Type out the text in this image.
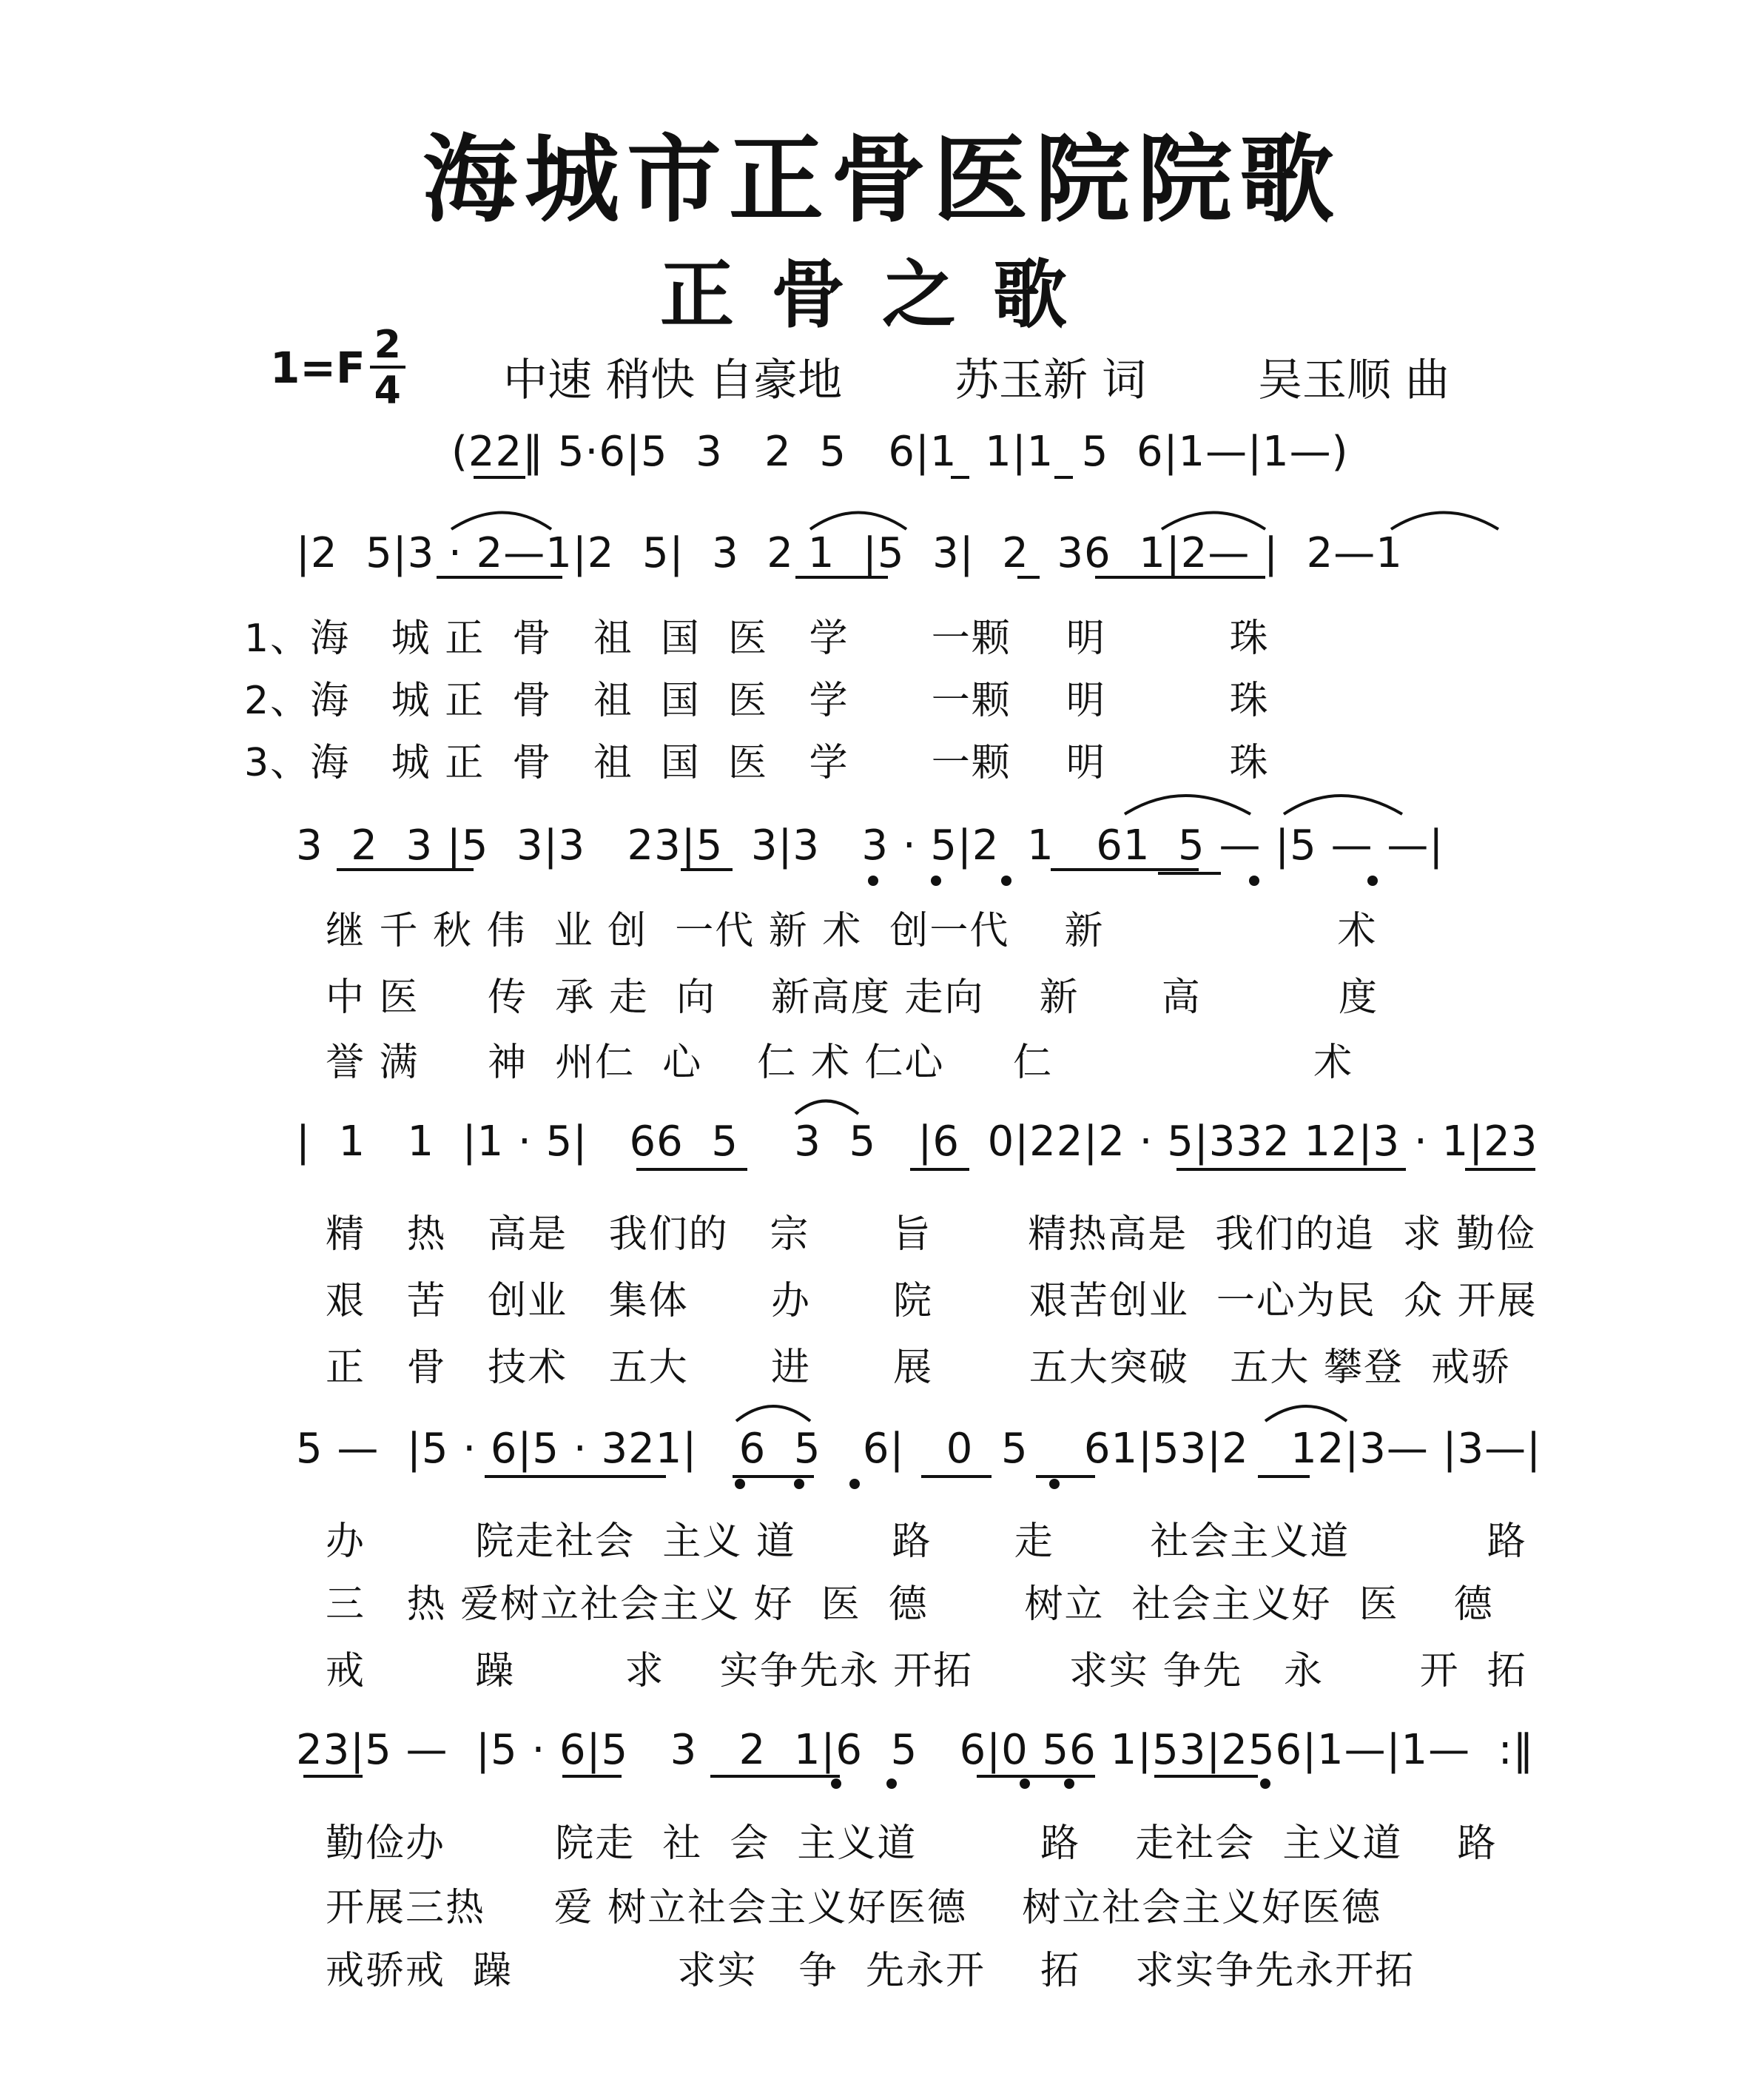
海城市正骨医院院歌
正骨之歌
$1=F \frac{2}{4}$ 中速 稍快 自豪地	苏玉新 词	吴玉顺 曲
(22‖ 5·6|5  3   2  5   6|1  1|1  5  6|1—|1—)
|2  5|3 · 2—1|2  5|  3  2 1  |5  3|  2  36  1|2— |  2—1
1、海   城 正  骨   祖  国  医   学      一颗    明         珠
2、海   城 正  骨   祖  国  医   学      一颗    明         珠
3、海   城 正  骨   祖  国  医   学      一颗    明         珠
3  2  3 |5  3|3   23|5  3|3   3 · 5|2  1   61  5 — |5 — —|
继 千 秋 伟  业 创  一代 新 术  创一代    新                 术
中 医     传  承 走  向    新高度 走向    新      高          度
誉 满     神  州仁  心    仁 术 仁心     仁                   术
|  1   1  |1 · 5|   66  5    3  5   |6  0|22|2 · 5|332 12|3 · 1|23
精   热   高是   我们的   宗      旨       精热高是  我们的追  求 勤俭
艰   苦   创业   集体      办      院       艰苦创业  一心为民  众 开展
正   骨   技术   五大      进      展       五大突破   五大 攀登  戒骄
5 —  |5 · 6|5 · 321|   6  5   6|   0  5    61|53|2   12|3— |3—|
办        院走社会  主义 道       路      走       社会主义道          路
三   热 爱树立社会主义 好  医  德       树立  社会主义好  医    德
戒        躁        求    实争先永 开拓       求实 争先   永       开  拓
23|5 —  |5 · 6|5   3   2  1|6  5   6|0 56 1|53|256|1—|1—  :‖
勤俭办        院走  社  会  主义道         路    走社会  主义道    路
开展三热     爱 树立社会主义好医德    树立社会主义好医德
戒骄戒  躁            求实   争  先永开    拓    求实争先永开拓
